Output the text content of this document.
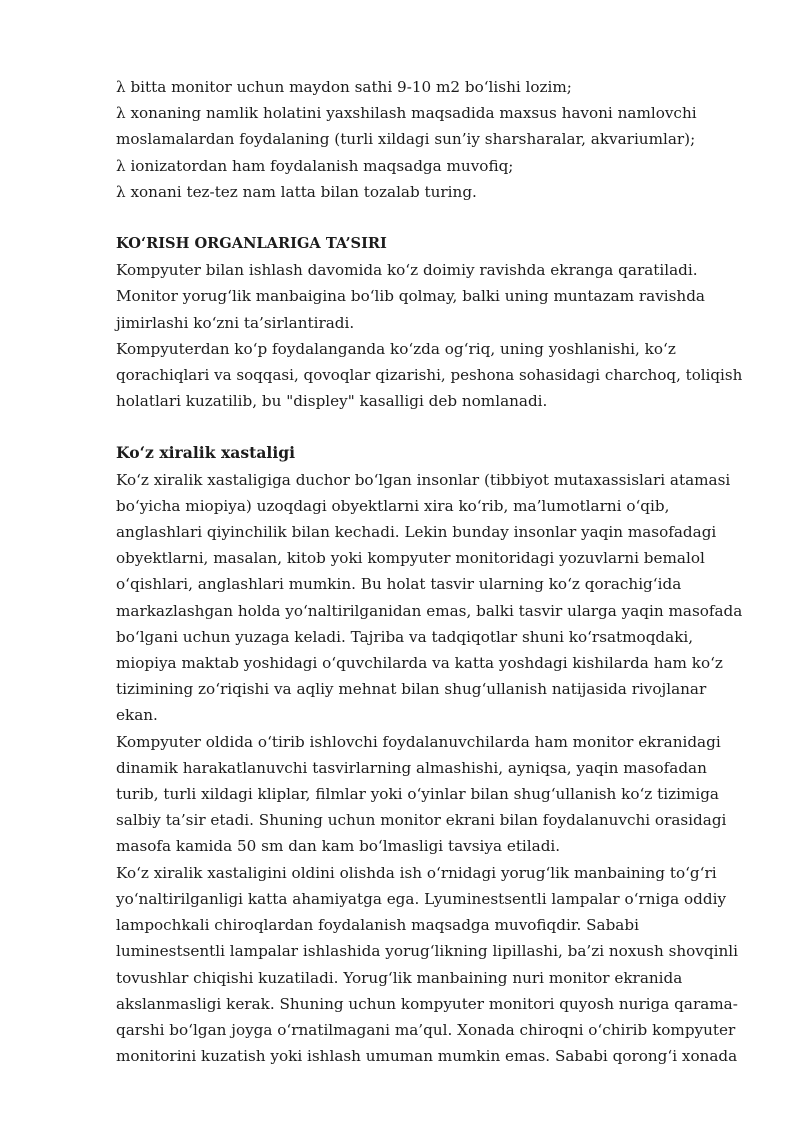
λ bitta monitor uchun maydon sathi 9-10 m2 bo‘lishi lozim;
λ xonaning namlik holatini yaxshilash maqsadida maxsus havoni namlovchi
moslamalardan foydalaning (turli xildagi sun’iy sharsharalar, akvariumlar);
λ ionizatordan ham foydalanish maqsadga muvofiq;
λ xonani tez-tez nam latta bilan tozalab turing.
KO‘RISH ORGANLARIGA TA’SIRI
Kompyuter bilan ishlash davomida ko‘z doimiy ravishda ekranga qaratiladi.
Monitor yorug‘lik manbaigina bo‘lib qolmay, balki uning muntazam ravishda
jimirlashi ko‘zni ta’sirlantiradi.
Kompyuterdan ko‘p foydalanganda ko‘zda og‘riq, uning yoshlanishi, ko‘z
qorachiqlari va soqqasi, qovoqlar qizarishi, peshona sohasidagi charchoq, toliqish
holatlari kuzatilib, bu "displey" kasalligi deb nomlanadi.
Ko‘z xiralik xastaligi
Ko‘z xiralik xastaligiga duchor bo‘lgan insonlar (tibbiyot mutaxassislari atamasi
bo‘yicha miopiya) uzoqdagi obyektlarni xira ko‘rib, ma’lumotlarni o‘qib,
anglashlari qiyinchilik bilan kechadi. Lekin bunday insonlar yaqin masofadagi
obyektlarni, masalan, kitob yoki kompyuter monitoridagi yozuvlarni bemalol
o‘qishlari, anglashlari mumkin. Bu holat tasvir ularning ko‘z qorachig‘ida
markazlashgan holda yo‘naltirilganidan emas, balki tasvir ularga yaqin masofada
bo‘lgani uchun yuzaga keladi. Tajriba va tadqiqotlar shuni ko‘rsatmoqdaki,
miopiya maktab yoshidagi o‘quvchilarda va katta yoshdagi kishilarda ham ko‘z
tizimining zo‘riqishi va aqliy mehnat bilan shug‘ullanish natijasida rivojlanar
ekan.
Kompyuter oldida o‘tirib ishlovchi foydalanuvchilarda ham monitor ekranidagi
dinamik harakatlanuvchi tasvirlarning almashishi, ayniqsa, yaqin masofadan
turib, turli xildagi kliplar, filmlar yoki o‘yinlar bilan shug‘ullanish ko‘z tizimiga
salbiy ta’sir etadi. Shuning uchun monitor ekrani bilan foydalanuvchi orasidagi
masofa kamida 50 sm dan kam bo‘lmasligi tavsiya etiladi.
Ko‘z xiralik xastaligini oldini olishda ish o‘rnidagi yorug‘lik manbaining to‘g‘ri
yo‘naltirilganligi katta ahamiyatga ega. Lyuminestsentli lampalar o‘rniga oddiy
lampochkali chiroqlardan foydalanish maqsadga muvofiqdir. Sababi
luminestsentli lampalar ishlashida yorug‘likning lipillashi, ba’zi noxush shovqinli
tovushlar chiqishi kuzatiladi. Yorug‘lik manbaining nuri monitor ekranida
akslanmasligi kerak. Shuning uchun kompyuter monitori quyosh nuriga qarama-
qarshi bo‘lgan joyga o‘rnatilmagani ma’qul. Xonada chiroqni o‘chirib kompyuter
monitorini kuzatish yoki ishlash umuman mumkin emas. Sababi qorong‘i xonada
